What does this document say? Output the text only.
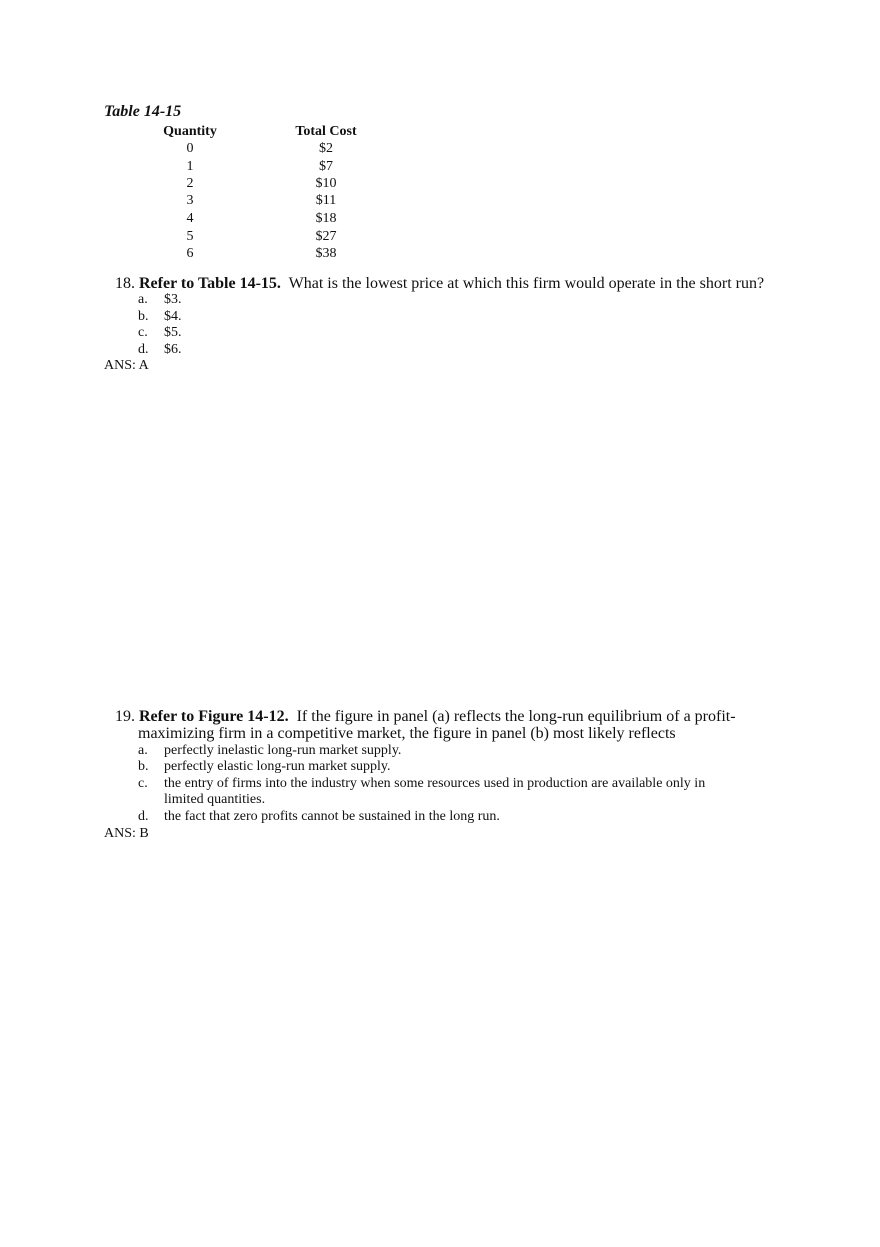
Table 14-15
Quantity	Total Cost
0	$2
1	$7
2	$10
3	$11
4	$18
5	$27
6	$38
18. Refer to Table 14-15. What is the lowest price at which this firm would operate in the short run?
a.	$3.
b. $4.
c.	$5.
d. $6.
ANS: A
19. Refer to Figure 14-12. If the figure in panel (a) reflects the long-run equilibrium of a profit-
maximizing firm in a competitive market, the figure in panel (b) most likely reflects
a.	perfectly inelastic long-run market supply.
b. perfectly elastic long-run market supply.
c.	the entry of firms into the industry when some resources used in production are available only in
limited quantities.
d. the fact that zero profits cannot be sustained in the long run.
ANS: B
